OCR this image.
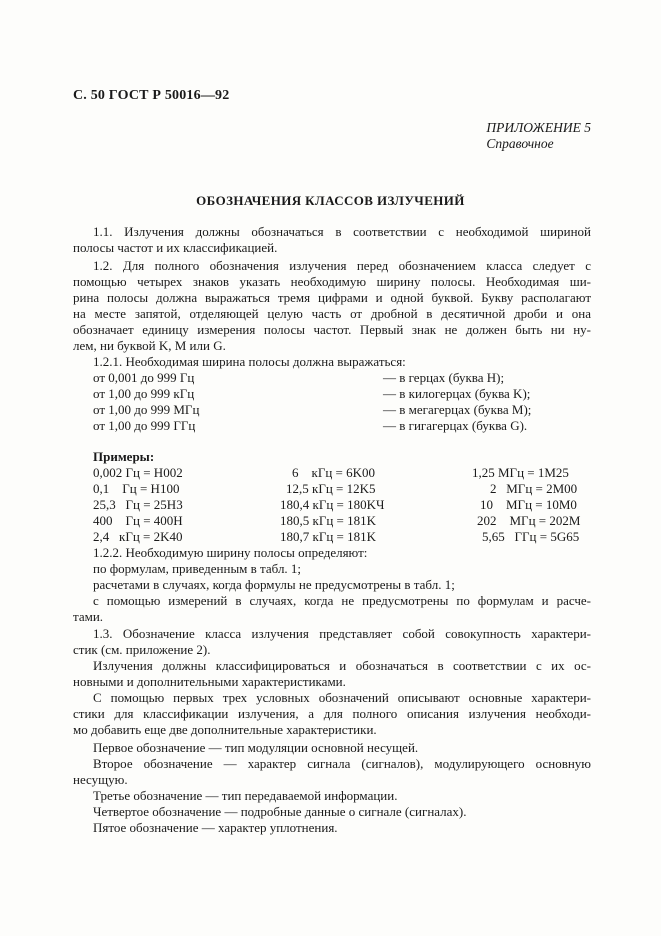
С. 50 ГОСТ Р 50016—92
ПРИЛОЖЕНИЕ 5
Справочное
ОБОЗНАЧЕНИЯ КЛАССОВ ИЗЛУЧЕНИЙ
1.1. Излучения должны обозначаться в соответствии с необходимой шириной
полосы частот и их классификацией.
1.2. Для полного обозначения излучения перед обозначением класса следует с
помощью четырех знаков указать необходимую ширину полосы. Необходимая ши-
рина полосы должна выражаться тремя цифрами и одной буквой. Букву располагают
на месте запятой, отделяющей целую часть от дробной в десятичной дроби и она
обозначает единицу измерения полосы частот. Первый знак не должен быть ни ну-
лем, ни буквой K, M или G.
1.2.1. Необходимая ширина полосы должна выражаться:
от 0,001 до 999 Гц	— в герцах (буква Н);
от 1,00 до 999 кГц	— в килогерцах (буква K);
от 1,00 до 999 МГц	— в мегагерцах (буква М);
от 1,00 до 999 ГГц	— в гигагерцах (буква G).
Примеры:
0,002 Гц = Н002	6    кГц = 6K00	1,25 МГц = 1М25
0,1    Гц = Н100	12,5 кГц = 12K5	2   МГц = 2М00
25,3   Гц = 25Н3	180,4 кГц = 180KЧ	10    МГц = 10М0
400    Гц = 400Н	180,5 кГц = 181K	202    МГц = 202М
2,4   кГц = 2K40	180,7 кГц = 181K	5,65   ГГц = 5G65
1.2.2. Необходимую ширину полосы определяют:
по формулам, приведенным в табл. 1;
расчетами в случаях, когда формулы не предусмотрены в табл. 1;
с помощью измерений в случаях, когда не предусмотрены по формулам и расче-
тами.
1.3. Обозначение класса излучения представляет собой совокупность характери-
стик (см. приложение 2).
Излучения должны классифицироваться и обозначаться в соответствии с их ос-
новными и дополнительными характеристиками.
С помощью первых трех условных обозначений описывают основные характери-
стики для классификации излучения, а для полного описания излучения необходи-
мо добавить еще две дополнительные характеристики.
Первое обозначение — тип модуляции основной несущей.
Второе обозначение — характер сигнала (сигналов), модулирующего основную
несущую.
Третье обозначение — тип передаваемой информации.
Четвертое обозначение — подробные данные о сигнале (сигналах).
Пятое обозначение — характер уплотнения.
